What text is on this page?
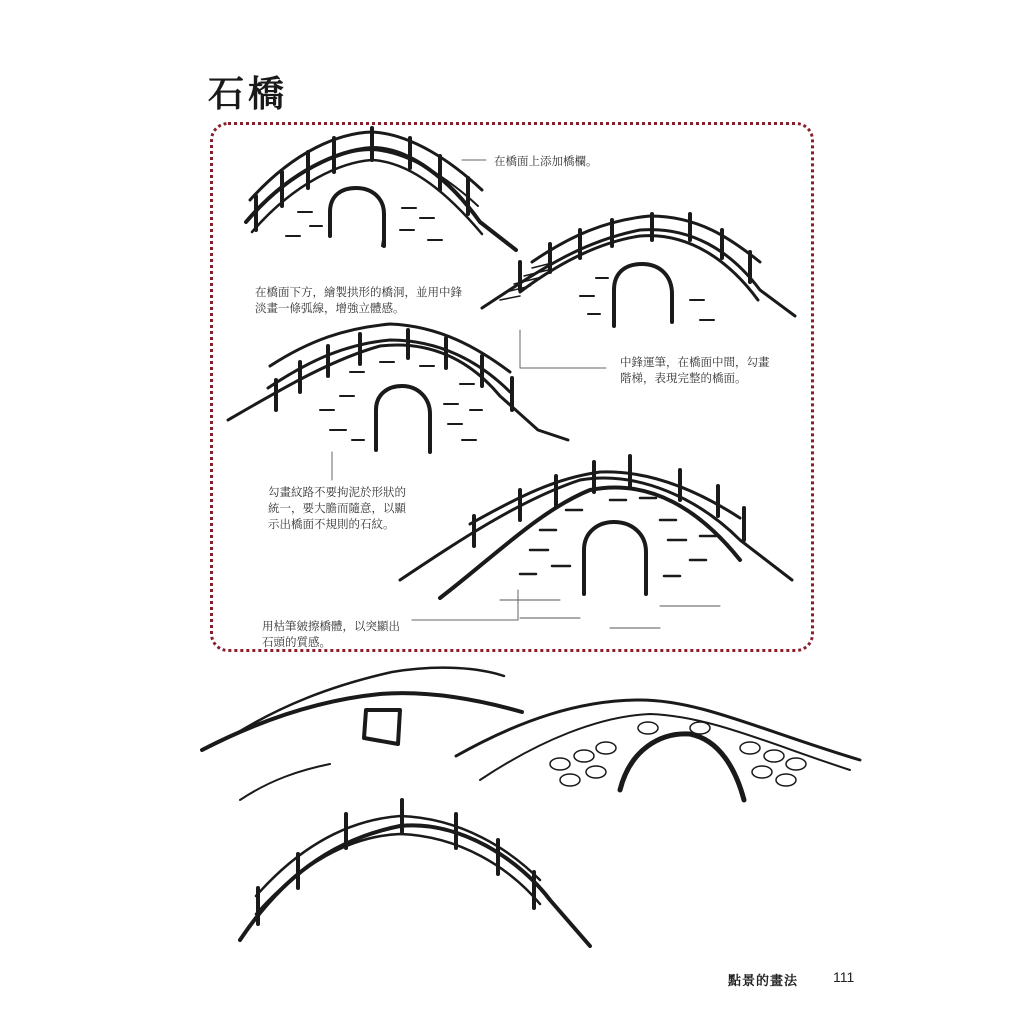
石橋
在橋面上添加橋欄。
在橋面下方，繪製拱形的橋洞，並用中鋒
淡畫一條弧線，增強立體感。
中鋒運筆，在橋面中間，勾畫
階梯，表現完整的橋面。
勾畫紋路不要拘泥於形狀的
統一，要大膽而隨意，以顯
示出橋面不規則的石紋。
用枯筆皴擦橋體，以突顯出
石頭的質感。
點景的畫法 111
